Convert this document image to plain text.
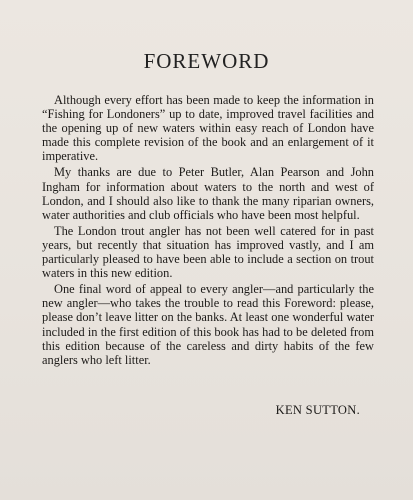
FOREWORD

Although every effort has been made to keep the information in “Fishing for Londoners” up to date, improved travel facilities and the opening up of new waters within easy reach of London have made this complete revision of the book and an enlargement of it imperative.

My thanks are due to Peter Butler, Alan Pearson and John Ingham for information about waters to the north and west of London, and I should also like to thank the many riparian owners, water authorities and club officials who have been most helpful.

The London trout angler has not been well catered for in past years, but recently that situation has improved vastly, and I am particularly pleased to have been able to include a section on trout waters in this new edition.

One final word of appeal to every angler—and particularly the new angler—who takes the trouble to read this Foreword: please, please don’t leave litter on the banks. At least one wonderful water included in the first edition of this book has had to be deleted from this edition because of the careless and dirty habits of the few anglers who left litter.

KEN SUTTON.
